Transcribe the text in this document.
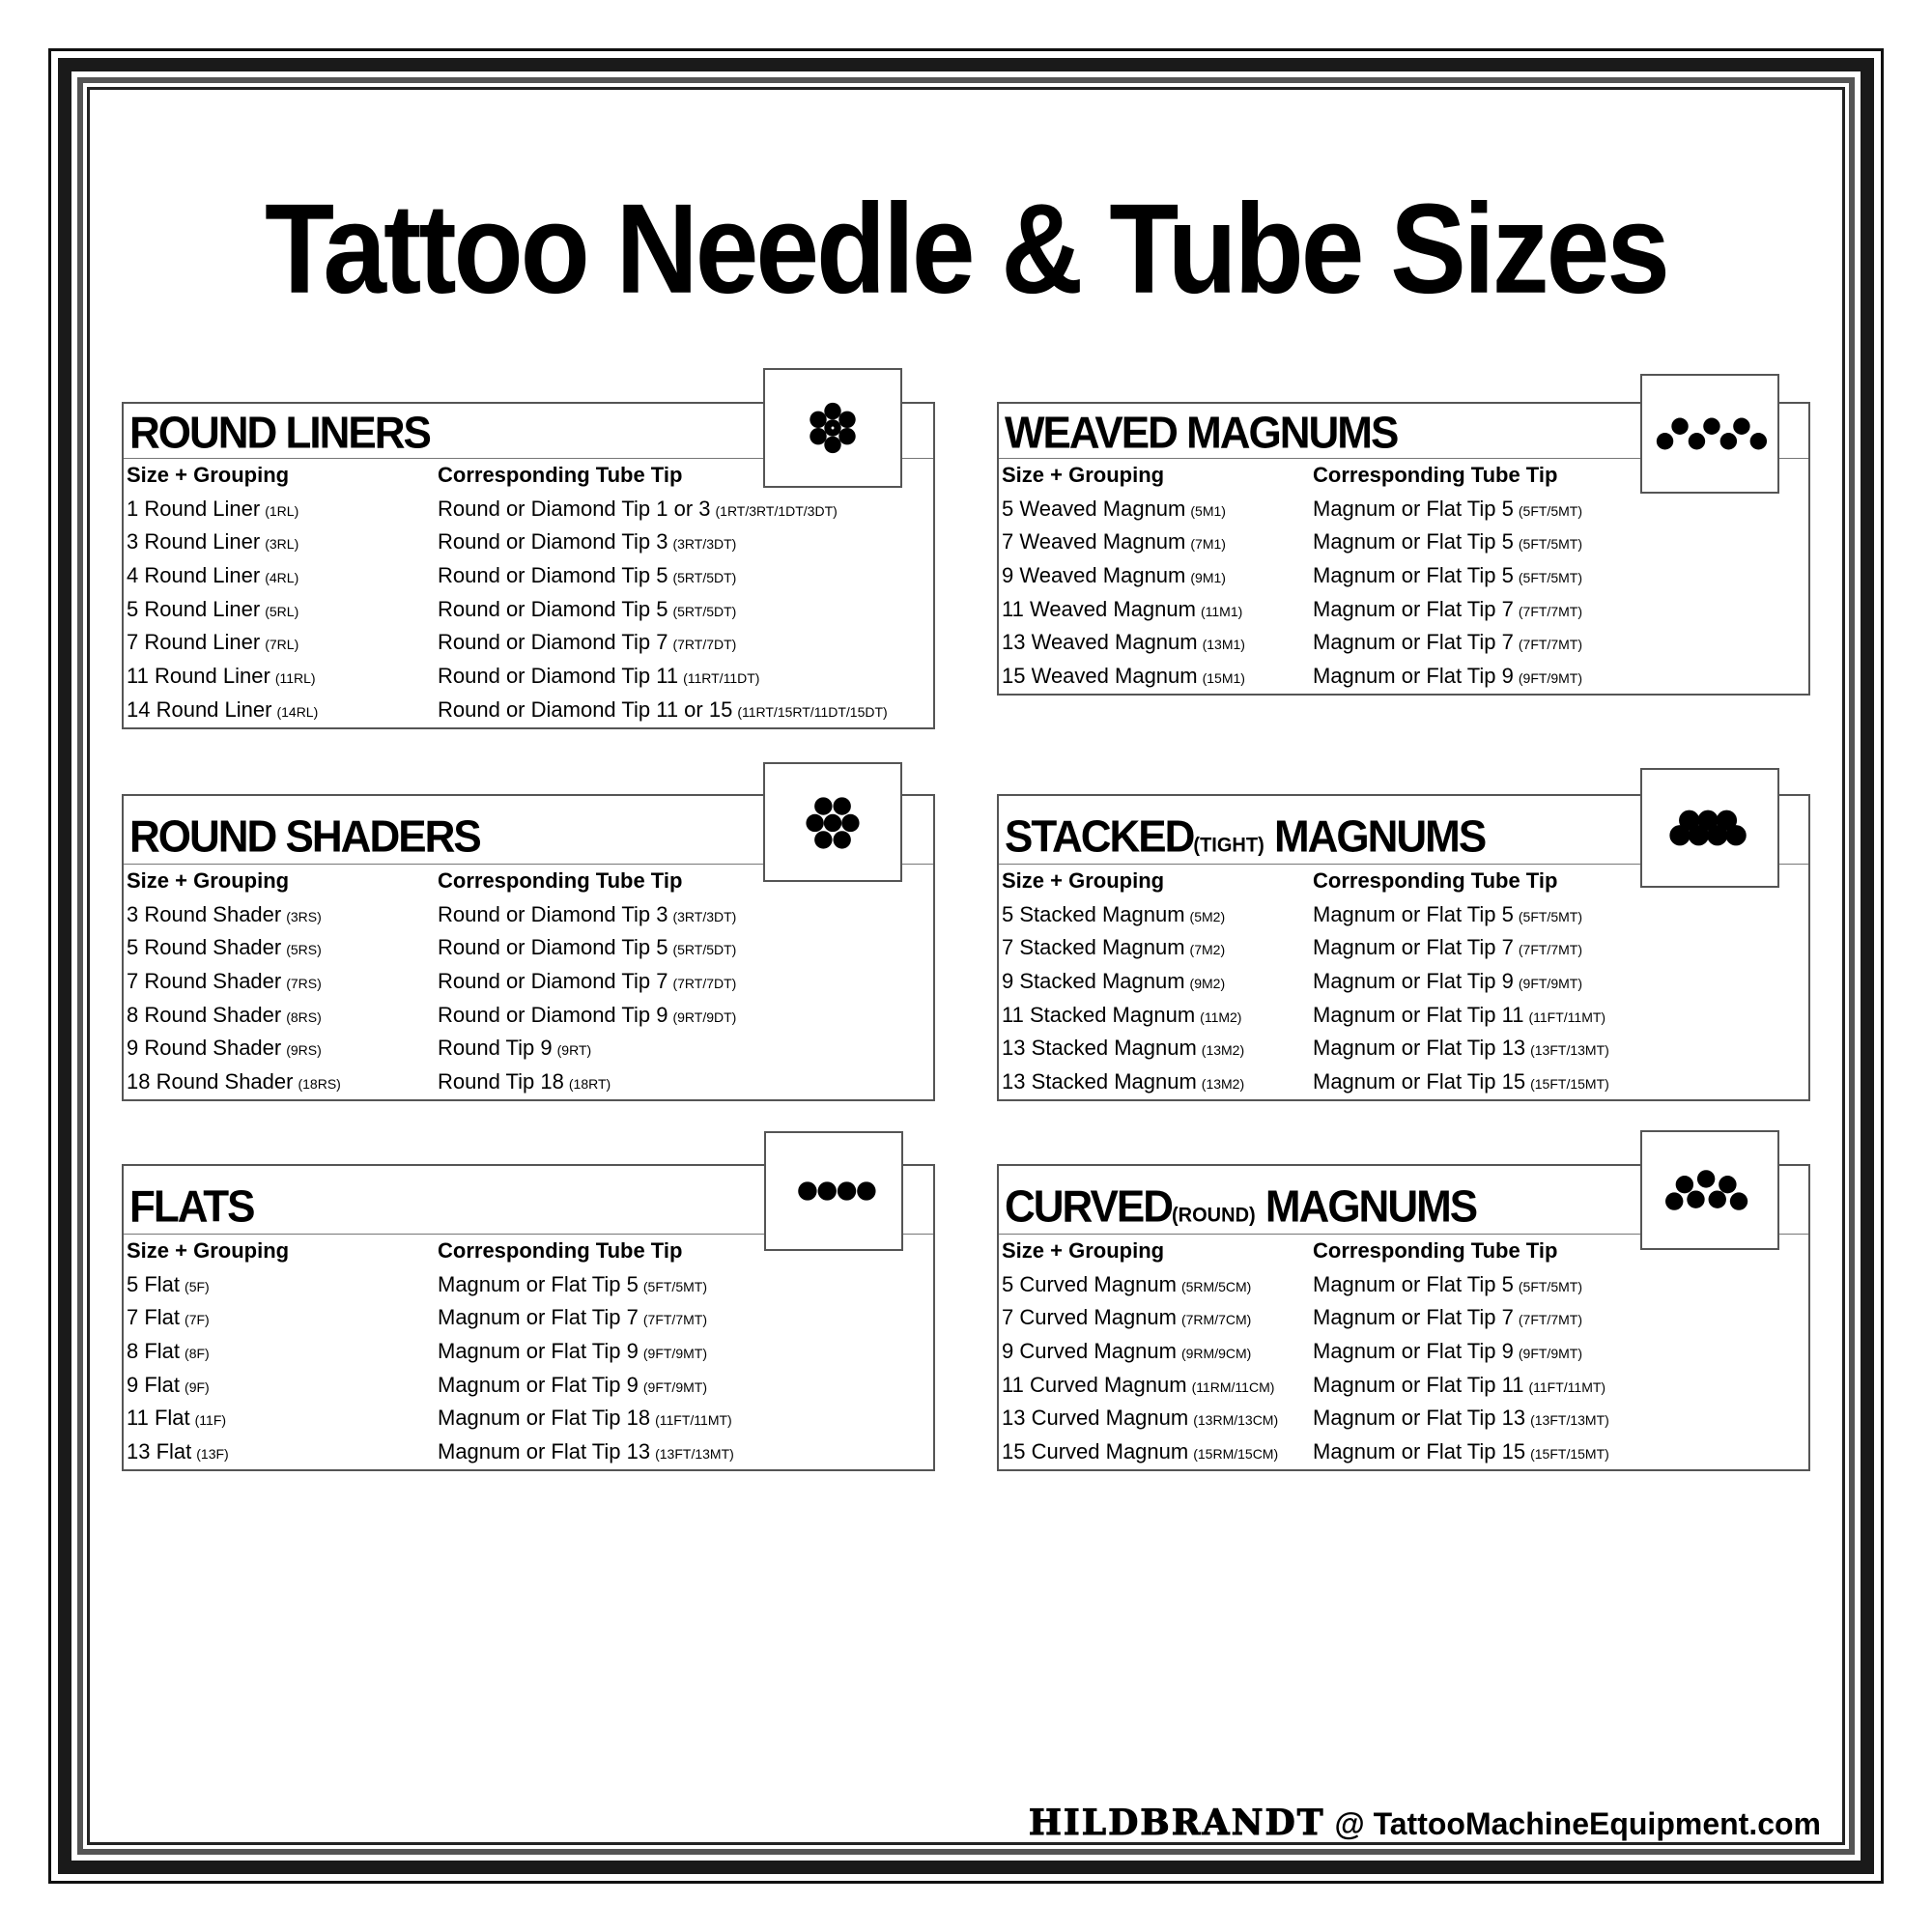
Tattoo Needle & Tube Sizes
ROUND LINERS
Size + Grouping	Corresponding Tube Tip
1 Round Liner (1RL)	Round or Diamond Tip 1 or 3 (1RT/3RT/1DT/3DT)
3 Round Liner (3RL)	Round or Diamond Tip 3 (3RT/3DT)
4 Round Liner (4RL)	Round or Diamond Tip 5 (5RT/5DT)
5 Round Liner (5RL)	Round or Diamond Tip 5 (5RT/5DT)
7 Round Liner (7RL)	Round or Diamond Tip 7 (7RT/7DT)
11 Round Liner (11RL)	Round or Diamond Tip 11 (11RT/11DT)
14 Round Liner (14RL)	Round or Diamond Tip 11 or 15 (11RT/15RT/11DT/15DT)
WEAVED MAGNUMS
Size + Grouping	Corresponding Tube Tip
5 Weaved Magnum (5M1)	Magnum or Flat Tip 5 (5FT/5MT)
7 Weaved Magnum (7M1)	Magnum or Flat Tip 5 (5FT/5MT)
9 Weaved Magnum (9M1)	Magnum or Flat Tip 5 (5FT/5MT)
11 Weaved Magnum (11M1)	Magnum or Flat Tip 7 (7FT/7MT)
13 Weaved Magnum (13M1)	Magnum or Flat Tip 7 (7FT/7MT)
15 Weaved Magnum (15M1)	Magnum or Flat Tip 9 (9FT/9MT)
ROUND SHADERS
Size + Grouping	Corresponding Tube Tip
3 Round Shader (3RS)	Round or Diamond Tip 3 (3RT/3DT)
5 Round Shader (5RS)	Round or Diamond Tip 5 (5RT/5DT)
7 Round Shader (7RS)	Round or Diamond Tip 7 (7RT/7DT)
8 Round Shader (8RS)	Round or Diamond Tip 9 (9RT/9DT)
9 Round Shader (9RS)	Round Tip 9 (9RT)
18 Round Shader (18RS)	Round Tip 18 (18RT)
STACKED(TIGHT) MAGNUMS
Size + Grouping	Corresponding Tube Tip
5 Stacked Magnum (5M2)	Magnum or Flat Tip 5 (5FT/5MT)
7 Stacked Magnum (7M2)	Magnum or Flat Tip 7 (7FT/7MT)
9 Stacked Magnum (9M2)	Magnum or Flat Tip 9 (9FT/9MT)
11 Stacked Magnum (11M2)	Magnum or Flat Tip 11 (11FT/11MT)
13 Stacked Magnum (13M2)	Magnum or Flat Tip 13 (13FT/13MT)
13 Stacked Magnum (13M2)	Magnum or Flat Tip 15 (15FT/15MT)
FLATS
Size + Grouping	Corresponding Tube Tip
5 Flat (5F)	Magnum or Flat Tip 5 (5FT/5MT)
7 Flat (7F)	Magnum or Flat Tip 7 (7FT/7MT)
8 Flat (8F)	Magnum or Flat Tip 9 (9FT/9MT)
9 Flat (9F)	Magnum or Flat Tip 9 (9FT/9MT)
11 Flat (11F)	Magnum or Flat Tip 18 (11FT/11MT)
13 Flat (13F)	Magnum or Flat Tip 13 (13FT/13MT)
CURVED(ROUND) MAGNUMS
Size + Grouping	Corresponding Tube Tip
5 Curved Magnum (5RM/5CM)	Magnum or Flat Tip 5 (5FT/5MT)
7 Curved Magnum (7RM/7CM)	Magnum or Flat Tip 7 (7FT/7MT)
9 Curved Magnum (9RM/9CM)	Magnum or Flat Tip 9 (9FT/9MT)
11 Curved Magnum (11RM/11CM) Magnum or Flat Tip 11 (11FT/11MT)
13 Curved Magnum (13RM/13CM) Magnum or Flat Tip 13 (13FT/13MT)
15 Curved Magnum (15RM/15CM) Magnum or Flat Tip 15 (15FT/15MT)
HILDBRANDT @ TattooMachineEquipment.com
